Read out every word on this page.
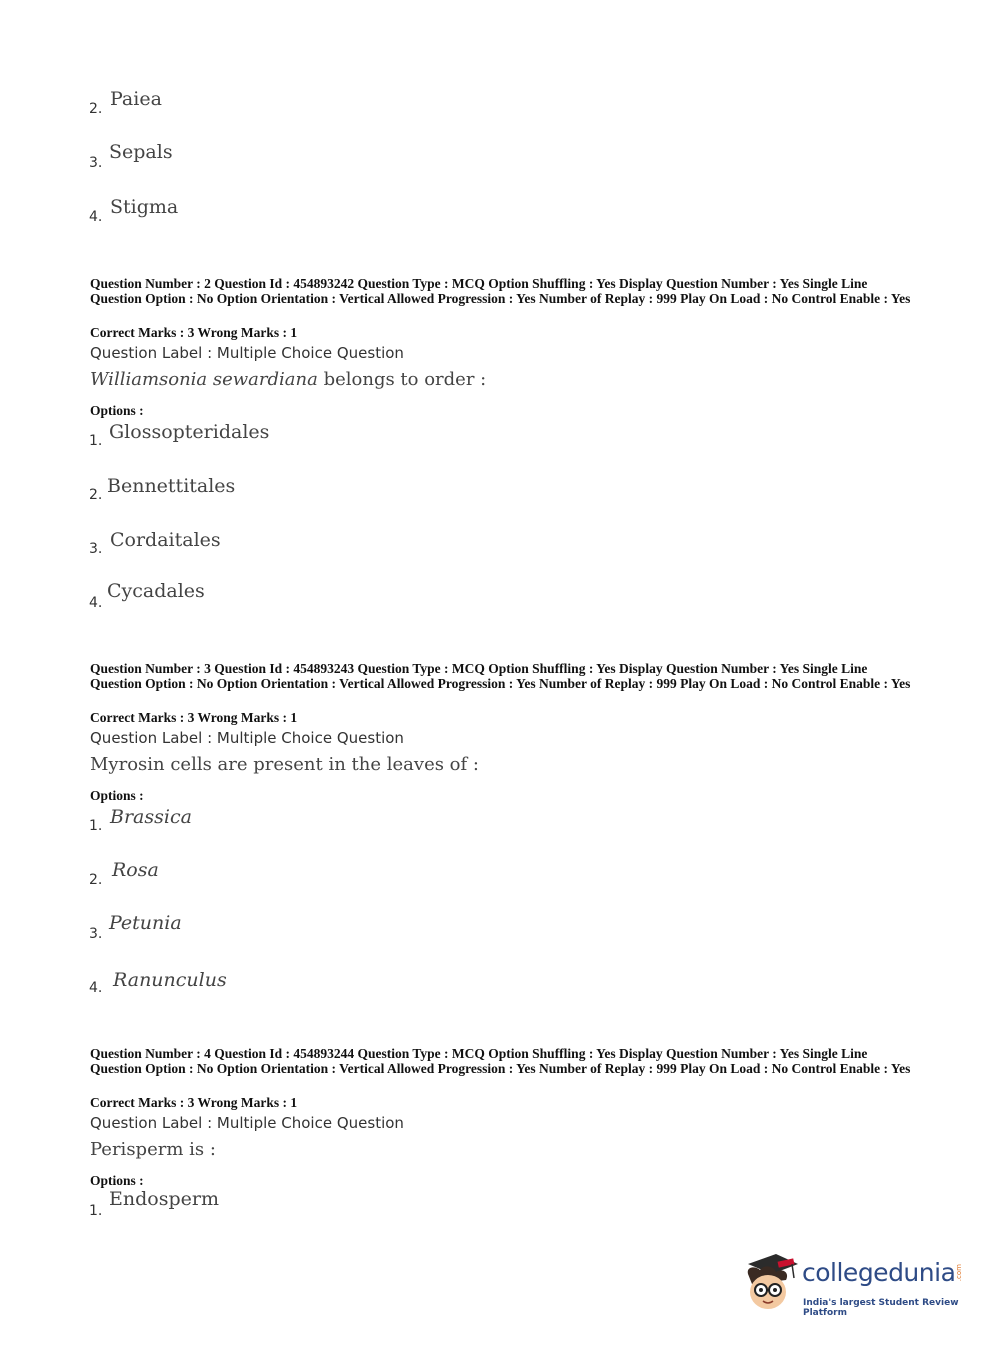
2. Paiea
3. Sepals
4. Stigma
Question Number : 2 Question Id : 454893242 Question Type : MCQ Option Shuffling : Yes Display Question Number : Yes Single Line Question Option : No Option Orientation : Vertical Allowed Progression : Yes Number of Replay : 999 Play On Load : No Control Enable : Yes
Correct Marks : 3 Wrong Marks : 1
Question Label : Multiple Choice Question
Williamsonia sewardiana belongs to order :
Options :
1. Glossopteridales
2. Bennettitales
3. Cordaitales
4.
Cycadales
Question Number : 3 Question Id : 454893243 Question Type : MCQ Option Shuffling : Yes Display Question Number : Yes Single Line Question Option : No Option Orientation : Vertical Allowed Progression : Yes Number of Replay : 999 Play On Load : No Control Enable : Yes
Correct Marks : 3 Wrong Marks : 1
Question Label : Multiple Choice Question
Myrosin cells are present in the leaves of :
Options :
1. Brassica
2. Rosa
3. Petunia
4. Ranunculus
Question Number : 4 Question Id : 454893244 Question Type : MCQ Option Shuffling : Yes Display Question Number : Yes Single Line Question Option : No Option Orientation : Vertical Allowed Progression : Yes Number of Replay : 999 Play On Load : No Control Enable : Yes
Correct Marks : 3 Wrong Marks : 1
Question Label : Multiple Choice Question
Perisperm is :
Options :
1.
Endosperm
collegedunia .com
India's largest Student Review Platform
